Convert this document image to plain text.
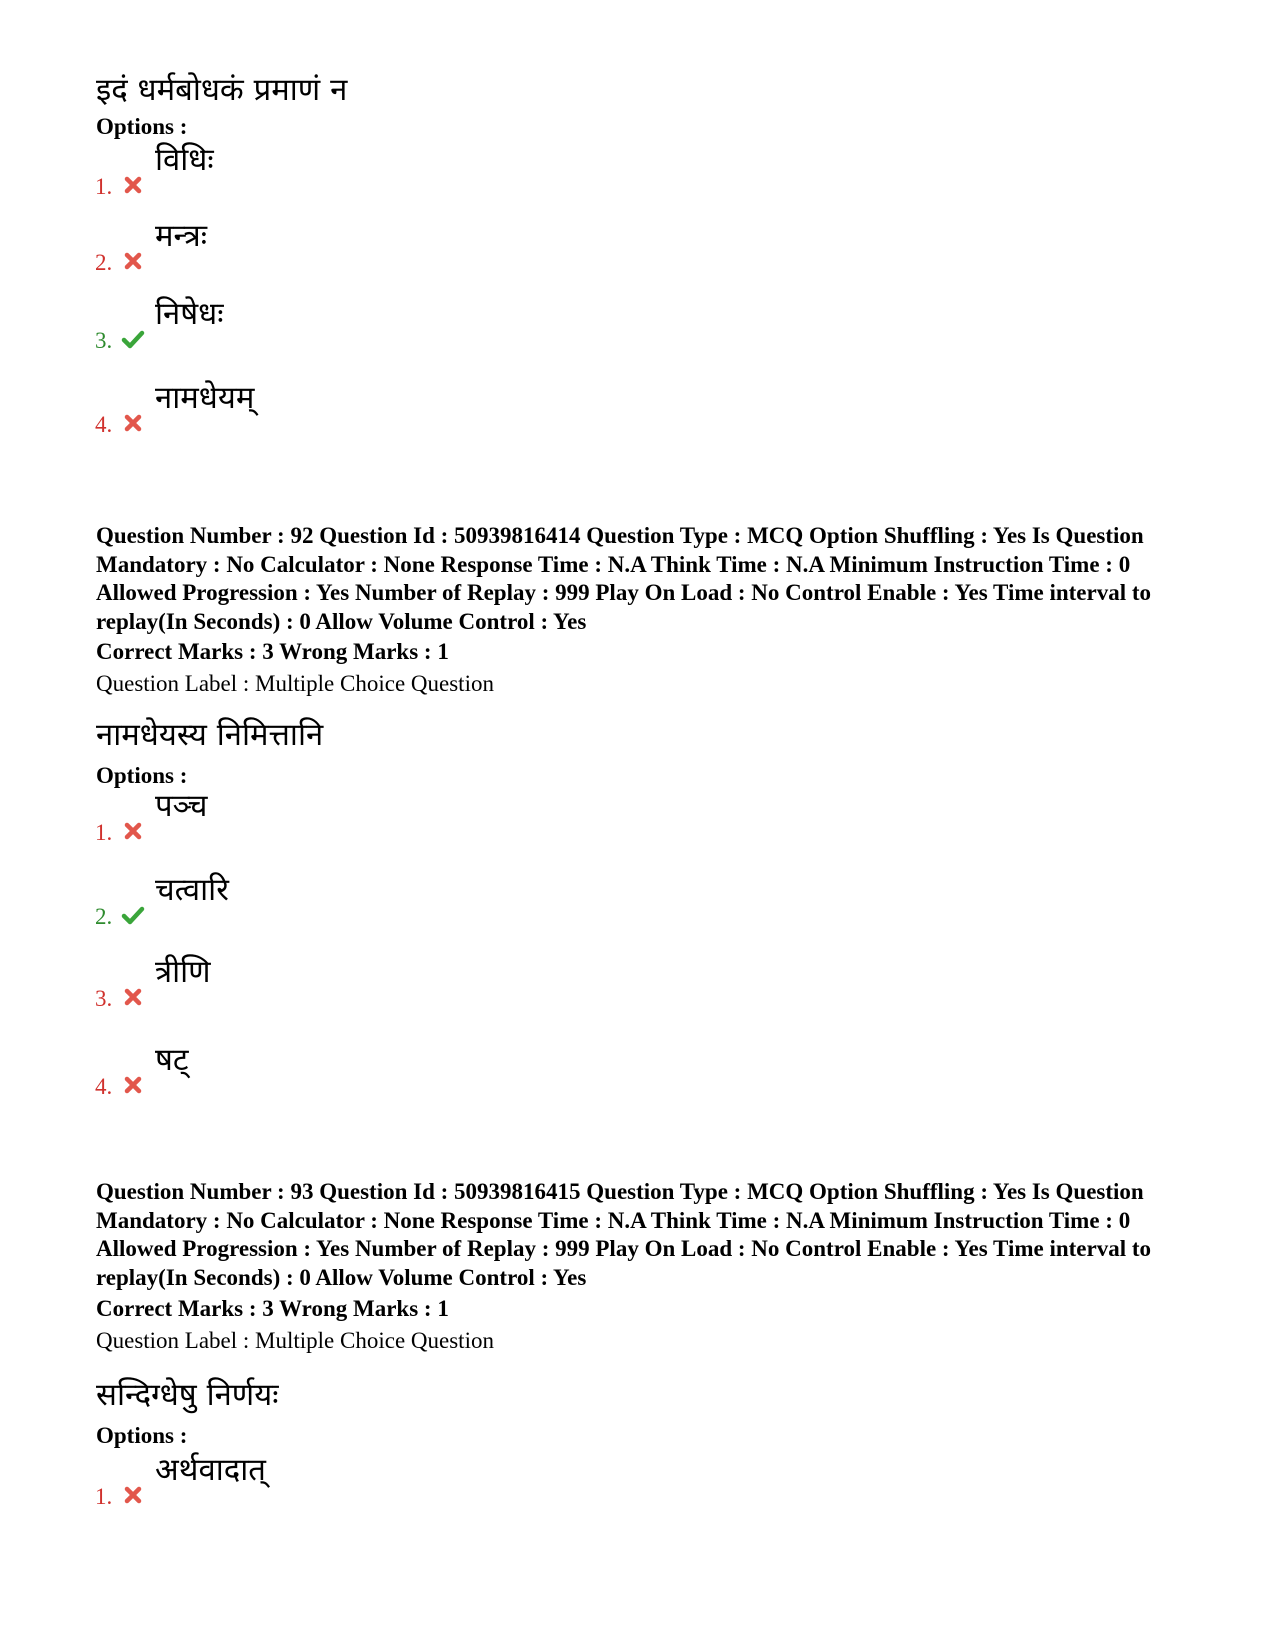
इदं धर्मबोधकं प्रमाणं न
Options :
1.
विधिः
2.
मन्त्रः
3.
निषेधः
4.
नामधेयम्
Question Number : 92 Question Id : 50939816414 Question Type : MCQ Option Shuffling : Yes Is Question Mandatory : No Calculator : None Response Time : N.A Think Time : N.A Minimum Instruction Time : 0 Allowed Progression : Yes Number of Replay : 999 Play On Load : No Control Enable : Yes Time interval to replay(In Seconds) : 0 Allow Volume Control : Yes
Correct Marks : 3 Wrong Marks : 1
Question Label : Multiple Choice Question
नामधेयस्य निमित्तानि
Options :
1.
पञ्च
2.
चत्वारि
3.
त्रीणि
4.
षट्
Question Number : 93 Question Id : 50939816415 Question Type : MCQ Option Shuffling : Yes Is Question Mandatory : No Calculator : None Response Time : N.A Think Time : N.A Minimum Instruction Time : 0 Allowed Progression : Yes Number of Replay : 999 Play On Load : No Control Enable : Yes Time interval to replay(In Seconds) : 0 Allow Volume Control : Yes
Correct Marks : 3 Wrong Marks : 1
Question Label : Multiple Choice Question
सन्दिग्धेषु निर्णयः
Options :
1.
अर्थवादात्
